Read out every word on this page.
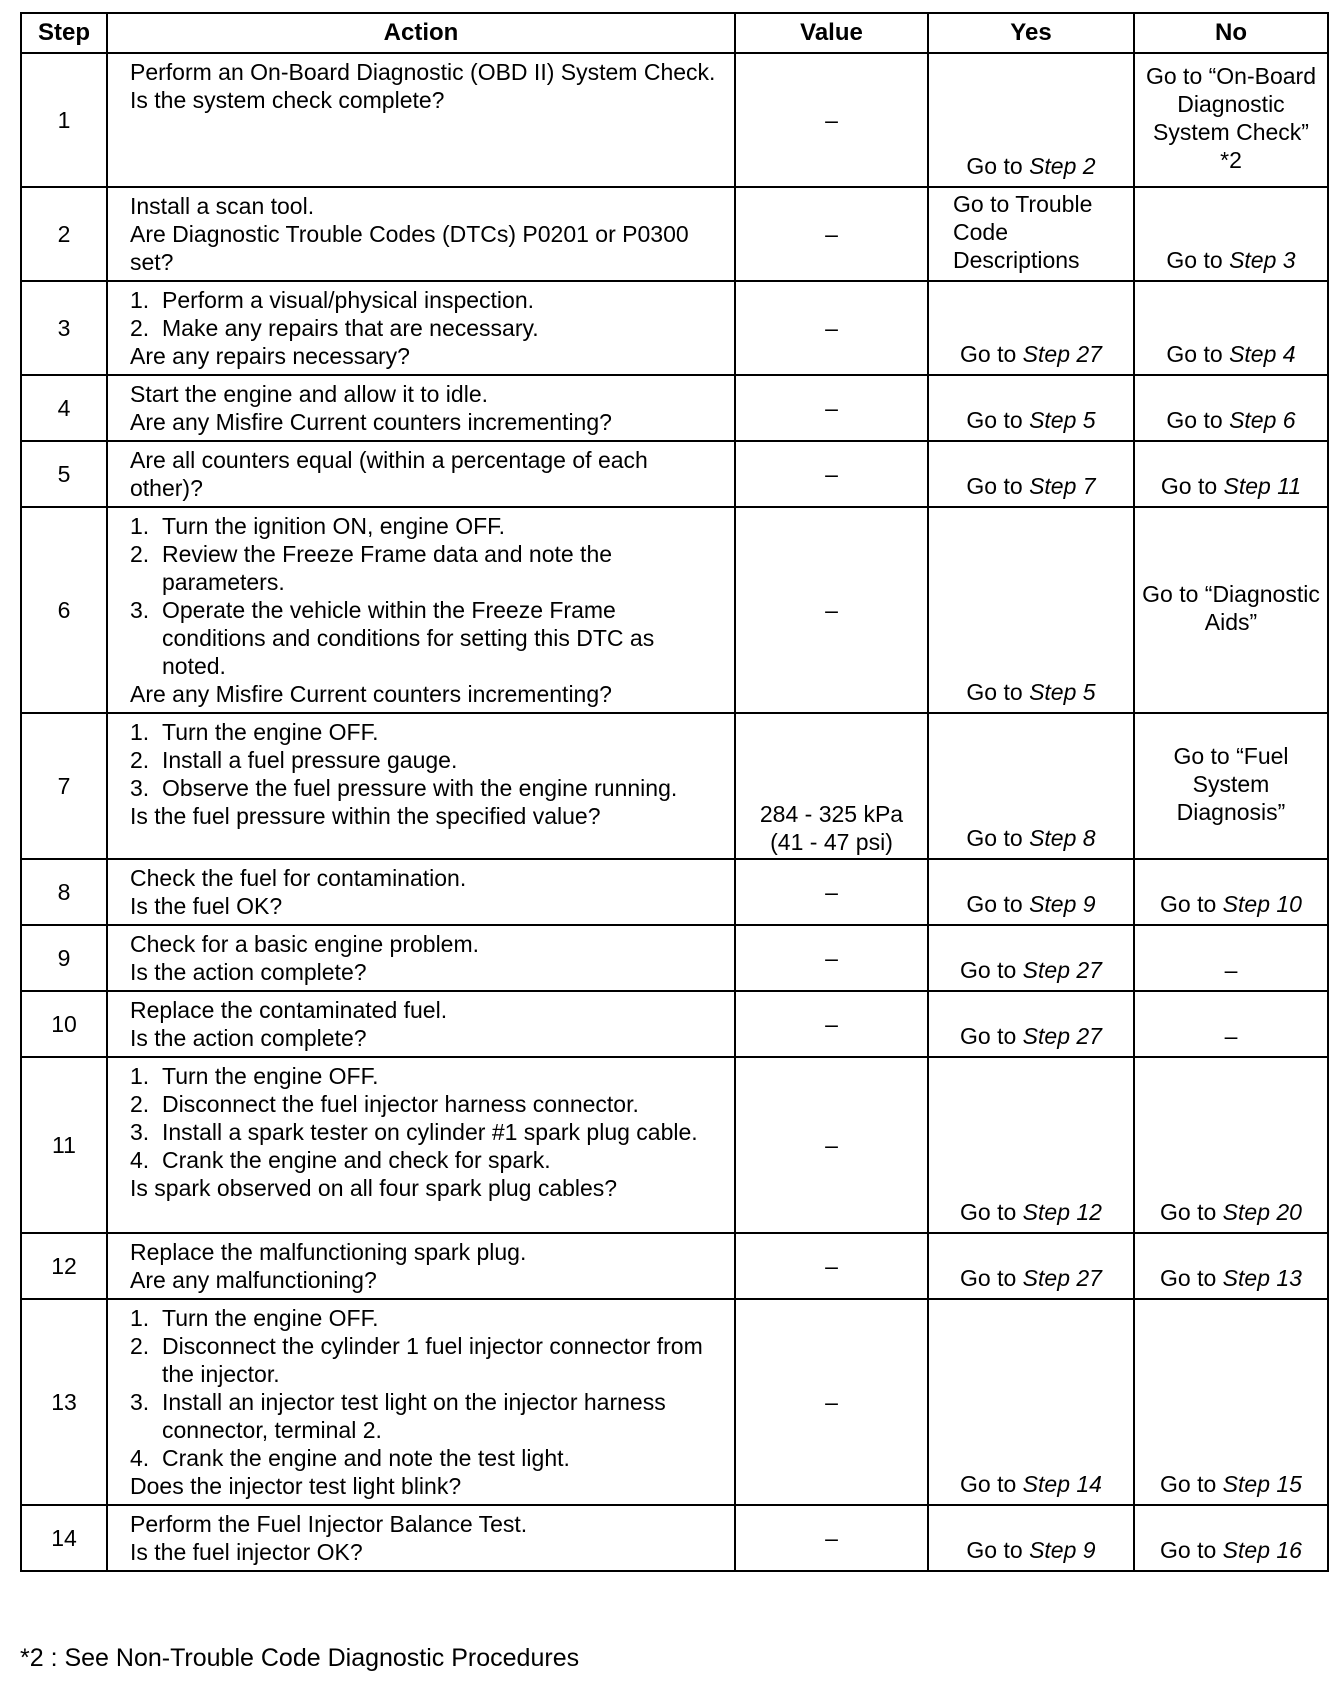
Step	Action	Value	Yes	No
1	Perform an On-Board Diagnostic (OBD II) System Check.
Is the system check complete?	–	Go to Step 2	Go to “On-Board Diagnostic System Check” *2
2	Install a scan tool.
Are Diagnostic Trouble Codes (DTCs) P0201 or P0300 set?	–	Go to Trouble Code Descriptions	Go to Step 3
3	1. Perform a visual/physical inspection.
2. Make any repairs that are necessary.
Are any repairs necessary?	–	Go to Step 27	Go to Step 4
4	Start the engine and allow it to idle.
Are any Misfire Current counters incrementing?	–	Go to Step 5	Go to Step 6
5	Are all counters equal (within a percentage of each other)?	–	Go to Step 7	Go to Step 11
6	1. Turn the ignition ON, engine OFF.
2. Review the Freeze Frame data and note the parameters.
3. Operate the vehicle within the Freeze Frame conditions and conditions for setting this DTC as noted.
Are any Misfire Current counters incrementing?	–	Go to Step 5	Go to “Diagnostic Aids”
7	1. Turn the engine OFF.
2. Install a fuel pressure gauge.
3. Observe the fuel pressure with the engine running.
Is the fuel pressure within the specified value?	284 - 325 kPa (41 - 47 psi)	Go to Step 8	Go to “Fuel System Diagnosis”
8	Check the fuel for contamination.
Is the fuel OK?	–	Go to Step 9	Go to Step 10
9	Check for a basic engine problem.
Is the action complete?	–	Go to Step 27	–
10	Replace the contaminated fuel.
Is the action complete?	–	Go to Step 27	–
11	1. Turn the engine OFF.
2. Disconnect the fuel injector harness connector.
3. Install a spark tester on cylinder #1 spark plug cable.
4. Crank the engine and check for spark.
Is spark observed on all four spark plug cables?	–	Go to Step 12	Go to Step 20
12	Replace the malfunctioning spark plug.
Are any malfunctioning?	–	Go to Step 27	Go to Step 13
13	1. Turn the engine OFF.
2. Disconnect the cylinder 1 fuel injector connector from the injector.
3. Install an injector test light on the injector harness connector, terminal 2.
4. Crank the engine and note the test light.
Does the injector test light blink?	–	Go to Step 14	Go to Step 15
14	Perform the Fuel Injector Balance Test.
Is the fuel injector OK?	–	Go to Step 9	Go to Step 16
*2 : See Non-Trouble Code Diagnostic Procedures
